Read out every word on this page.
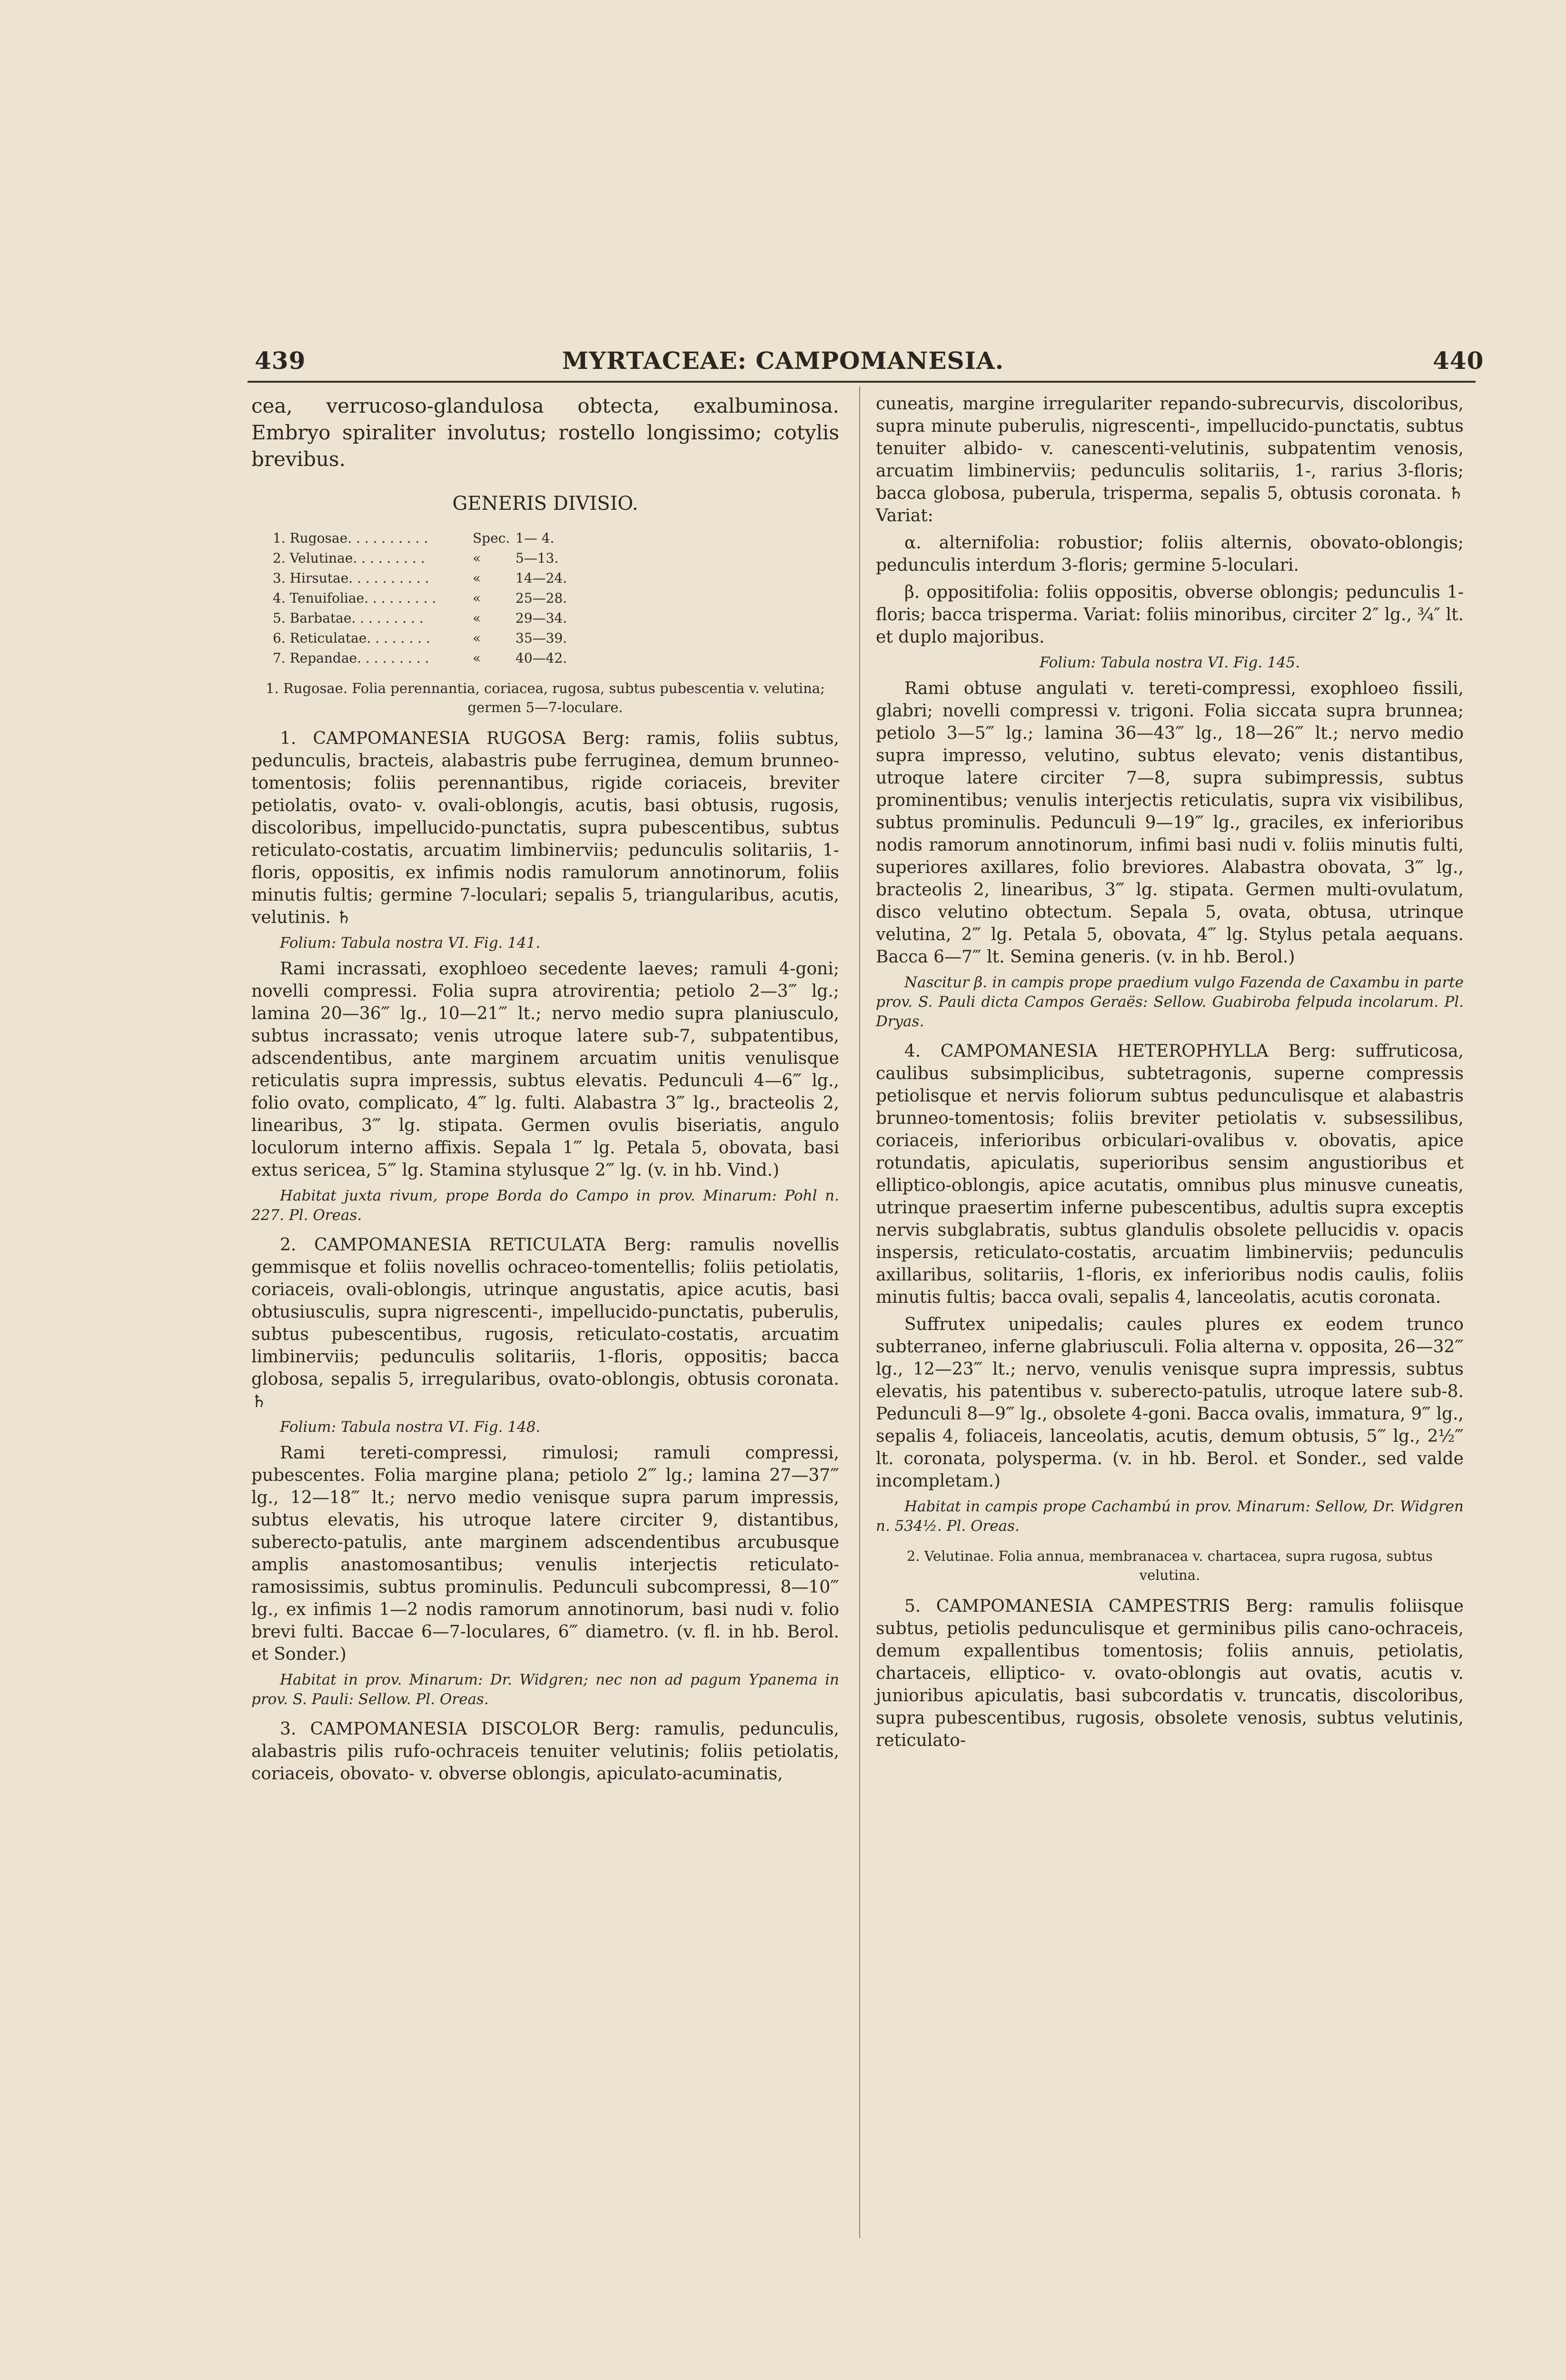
439	MYRTACEAE: CAMPOMANESIA.	440

cea, verrucoso-glandulosa obtecta, exalbuminosa. Embryo spiraliter involutus; rostello longissimo; cotylis brevibus.

GENERIS DIVISIO.
1. Rugosae. . . . . . . . . .	Spec.	1— 4.
2. Velutinae. . . . . . . . .	«	5—13.
3. Hirsutae. . . . . . . . . .	«	14—24.
4. Tenuifoliae. . . . . . . . .	«	25—28.
5. Barbatae. . . . . . . . .	«	29—34.
6. Reticulatae. . . . . . . .	«	35—39.
7. Repandae. . . . . . . . .	«	40—42.
1. Rugosae. Folia perennantia, coriacea, rugosa, subtus pubescentia v. velutina; germen 5—7-loculare.

1. CAMPOMANESIA RUGOSA Berg: ramis, foliis subtus, pedunculis, bracteis, alabastris pube ferruginea, demum brunneo-tomentosis; foliis perennantibus, rigide coriaceis, breviter petiolatis, ovato- v. ovali-oblongis, acutis, basi obtusis, rugosis, discoloribus, impellucido-punctatis, supra pubescentibus, subtus reticulato-costatis, arcuatim limbinerviis; pedunculis solitariis, 1-floris, oppositis, ex infimis nodis ramulorum annotinorum, foliis minutis fultis; germine 7-loculari; sepalis 5, triangularibus, acutis, velutinis. ♄

Folium: Tabula nostra VI. Fig. 141.

Rami incrassati, exophloeo secedente laeves; ramuli 4-goni; novelli compressi. Folia supra atrovirentia; petiolo 2—3‴ lg.; lamina 20—36‴ lg., 10—21‴ lt.; nervo medio supra planiusculo, subtus incrassato; venis utroque latere sub-7, subpatentibus, adscendentibus, ante marginem arcuatim unitis venulisque reticulatis supra impressis, subtus elevatis. Pedunculi 4—6‴ lg., folio ovato, complicato, 4‴ lg. fulti. Alabastra 3‴ lg., bracteolis 2, linearibus, 3‴ lg. stipata. Germen ovulis biseriatis, angulo loculorum interno affixis. Sepala 1‴ lg. Petala 5, obovata, basi extus sericea, 5‴ lg. Stamina stylusque 2‴ lg. (v. in hb. Vind.)

Habitat juxta rivum, prope Borda do Campo in prov. Minarum: Pohl n. 227. Pl. Oreas.

2. CAMPOMANESIA RETICULATA Berg: ramulis novellis gemmisque et foliis novellis ochraceo-tomentellis; foliis petiolatis, coriaceis, ovali-oblongis, utrinque angustatis, apice acutis, basi obtusiusculis, supra nigrescenti-, impellucido-punctatis, puberulis, subtus pubescentibus, rugosis, reticulato-costatis, arcuatim limbinerviis; pedunculis solitariis, 1-floris, oppositis; bacca globosa, sepalis 5, irregularibus, ovato-oblongis, obtusis coronata. ♄

Folium: Tabula nostra VI. Fig. 148.

Rami tereti-compressi, rimulosi; ramuli compressi, pubescentes. Folia margine plana; petiolo 2‴ lg.; lamina 27—37‴ lg., 12—18‴ lt.; nervo medio venisque supra parum impressis, subtus elevatis, his utroque latere circiter 9, distantibus, suberecto-patulis, ante marginem adscendentibus arcubusque amplis anastomosantibus; venulis interjectis reticulato-ramosissimis, subtus prominulis. Pedunculi subcompressi, 8—10‴ lg., ex infimis 1—2 nodis ramorum annotinorum, basi nudi v. folio brevi fulti. Baccae 6—7-loculares, 6‴ diametro. (v. fl. in hb. Berol. et Sonder.)

Habitat in prov. Minarum: Dr. Widgren; nec non ad pagum Ypanema in prov. S. Pauli: Sellow. Pl. Oreas.

3. CAMPOMANESIA DISCOLOR Berg: ramulis, pedunculis, alabastris pilis rufo-ochraceis tenuiter velutinis; foliis petiolatis, coriaceis, obovato- v. obverse oblongis, apiculato-acuminatis,

cuneatis, margine irregulariter repando-subrecurvis, discoloribus, supra minute puberulis, nigrescenti-, impellucido-punctatis, subtus tenuiter albido- v. canescenti-velutinis, subpatentim venosis, arcuatim limbinerviis; pedunculis solitariis, 1-, rarius 3-floris; bacca globosa, puberula, trisperma, sepalis 5, obtusis coronata. ♄ Variat:

α. alternifolia: robustior; foliis alternis, obovato-oblongis; pedunculis interdum 3-floris; germine 5-loculari.

β. oppositifolia: foliis oppositis, obverse oblongis; pedunculis 1-floris; bacca trisperma. Variat: foliis minoribus, circiter 2″ lg., ¾″ lt. et duplo majoribus.

Folium: Tabula nostra VI. Fig. 145.

Rami obtuse angulati v. tereti-compressi, exophloeo fissili, glabri; novelli compressi v. trigoni. Folia siccata supra brunnea; petiolo 3—5‴ lg.; lamina 36—43‴ lg., 18—26‴ lt.; nervo medio supra impresso, velutino, subtus elevato; venis distantibus, utroque latere circiter 7—8, supra subimpressis, subtus prominentibus; venulis interjectis reticulatis, supra vix visibilibus, subtus prominulis. Pedunculi 9—19‴ lg., graciles, ex inferioribus nodis ramorum annotinorum, infimi basi nudi v. foliis minutis fulti, superiores axillares, folio breviores. Alabastra obovata, 3‴ lg., bracteolis 2, linearibus, 3‴ lg. stipata. Germen multi-ovulatum, disco velutino obtectum. Sepala 5, ovata, obtusa, utrinque velutina, 2‴ lg. Petala 5, obovata, 4‴ lg. Stylus petala aequans. Bacca 6—7‴ lt. Semina generis. (v. in hb. Berol.)

Nascitur β. in campis prope praedium vulgo Fazenda de Caxambu in parte prov. S. Pauli dicta Campos Geraës: Sellow. Guabiroba felpuda incolarum. Pl. Dryas.

4. CAMPOMANESIA HETEROPHYLLA Berg: suffruticosa, caulibus subsimplicibus, subtetragonis, superne compressis petiolisque et nervis foliorum subtus pedunculisque et alabastris brunneo-tomentosis; foliis breviter petiolatis v. subsessilibus, coriaceis, inferioribus orbiculari-ovalibus v. obovatis, apice rotundatis, apiculatis, superioribus sensim angustioribus et elliptico-oblongis, apice acutatis, omnibus plus minusve cuneatis, utrinque praesertim inferne pubescentibus, adultis supra exceptis nervis subglabratis, subtus glandulis obsolete pellucidis v. opacis inspersis, reticulato-costatis, arcuatim limbinerviis; pedunculis axillaribus, solitariis, 1-floris, ex inferioribus nodis caulis, foliis minutis fultis; bacca ovali, sepalis 4, lanceolatis, acutis coronata.

Suffrutex unipedalis; caules plures ex eodem trunco subterraneo, inferne glabriusculi. Folia alterna v. opposita, 26—32‴ lg., 12—23‴ lt.; nervo, venulis venisque supra impressis, subtus elevatis, his patentibus v. suberecto-patulis, utroque latere sub-8. Pedunculi 8—9‴ lg., obsolete 4-goni. Bacca ovalis, immatura, 9‴ lg., sepalis 4, foliaceis, lanceolatis, acutis, demum obtusis, 5‴ lg., 2½‴ lt. coronata, polysperma. (v. in hb. Berol. et Sonder., sed valde incompletam.)

Habitat in campis prope Cachambú in prov. Minarum: Sellow, Dr. Widgren n. 534½. Pl. Oreas.

2. Velutinae. Folia annua, membranacea v. chartacea, supra rugosa, subtus velutina.

5. CAMPOMANESIA CAMPESTRIS Berg: ramulis foliisque subtus, petiolis pedunculisque et germinibus pilis cano-ochraceis, demum expallentibus tomentosis; foliis annuis, petiolatis, chartaceis, elliptico- v. ovato-oblongis aut ovatis, acutis v. junioribus apiculatis, basi subcordatis v. truncatis, discoloribus, supra pubescentibus, rugosis, obsolete venosis, subtus velutinis, reticulato-
